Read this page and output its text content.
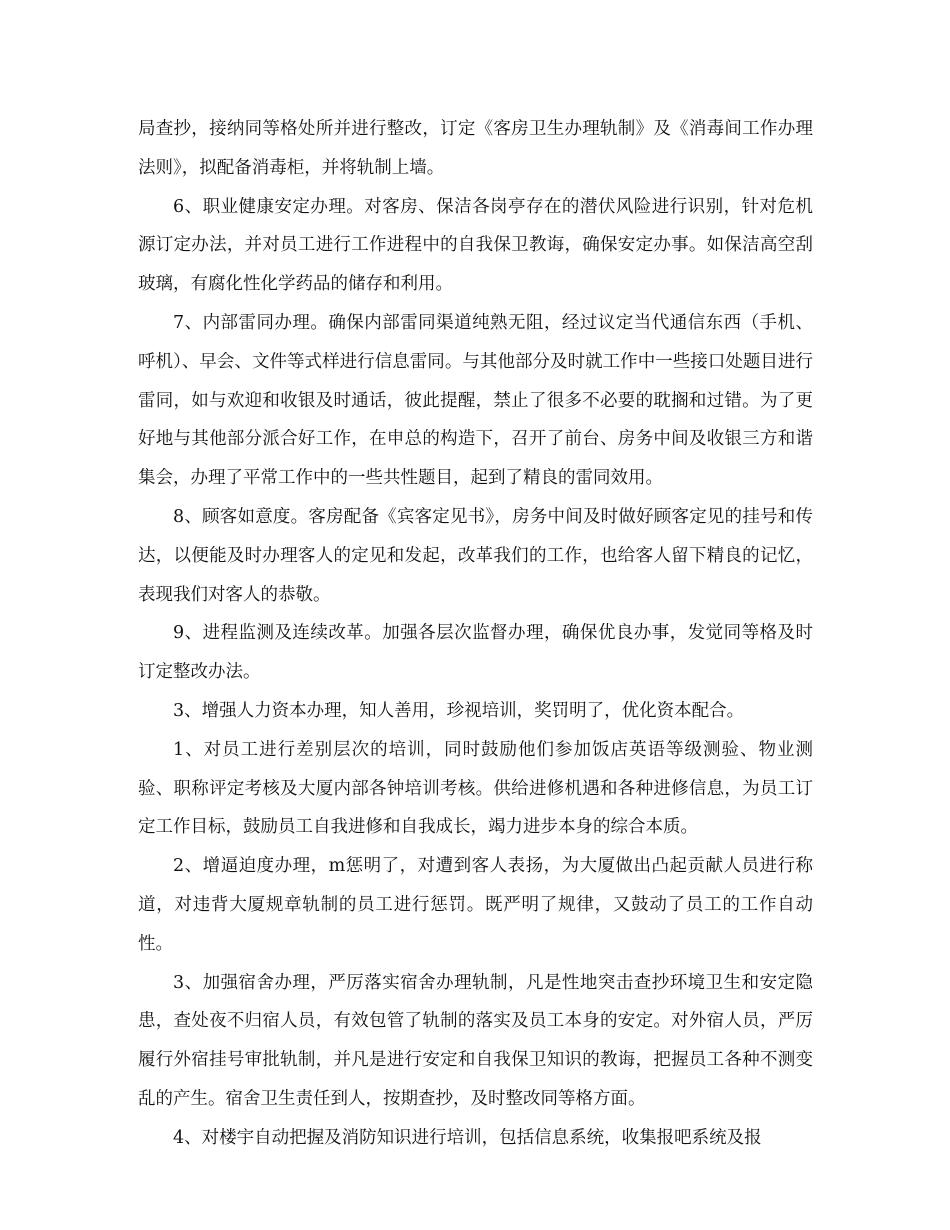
局查抄，接纳同等格处所并进行整改，订定《客房卫生办理轨制》及《消毒间工作办理法则》，拟配备消毒柜，并将轨制上墙。

6、职业健康安定办理。对客房、保洁各岗亭存在的潜伏风险进行识别，针对危机源订定办法，并对员工进行工作进程中的自我保卫教诲，确保安定办事。如保洁高空刮玻璃，有腐化性化学药品的储存和利用。

7、内部雷同办理。确保内部雷同渠道纯熟无阻，经过议定当代通信东西（手机、呼机）、早会、文件等式样进行信息雷同。与其他部分及时就工作中一些接口处题目进行雷同，如与欢迎和收银及时通话，彼此提醒，禁止了很多不必要的耽搁和过错。为了更好地与其他部分派合好工作，在申总的构造下，召开了前台、房务中间及收银三方和谐集会，办理了平常工作中的一些共性题目，起到了精良的雷同效用。

8、顾客如意度。客房配备《宾客定见书》，房务中间及时做好顾客定见的挂号和传达，以便能及时办理客人的定见和发起，改革我们的工作，也给客人留下精良的记忆，表现我们对客人的恭敬。

9、进程监测及连续改革。加强各层次监督办理，确保优良办事，发觉同等格及时订定整改办法。

3、增强人力资本办理，知人善用，珍视培训，奖罚明了，优化资本配合。

1、对员工进行差别层次的培训，同时鼓励他们参加饭店英语等级测验、物业测验、职称评定考核及大厦内部各钟培训考核。供给进修机遇和各种进修信息，为员工订定工作目标，鼓励员工自我进修和自我成长，竭力进步本身的综合本质。

2、增逼迫度办理，m惩明了，对遭到客人表扬，为大厦做出凸起贡献人员进行称道，对违背大厦规章轨制的员工进行惩罚。既严明了规律，又鼓动了员工的工作自动性。

3、加强宿舍办理，严厉落实宿舍办理轨制，凡是性地突击查抄环境卫生和安定隐患，查处夜不归宿人员，有效包管了轨制的落实及员工本身的安定。对外宿人员，严厉履行外宿挂号审批轨制，并凡是进行安定和自我保卫知识的教诲，把握员工各种不测变乱的产生。宿舍卫生责任到人，按期查抄，及时整改同等格方面。

4、对楼宇自动把握及消防知识进行培训，包括信息系统，收集报吧系统及报
